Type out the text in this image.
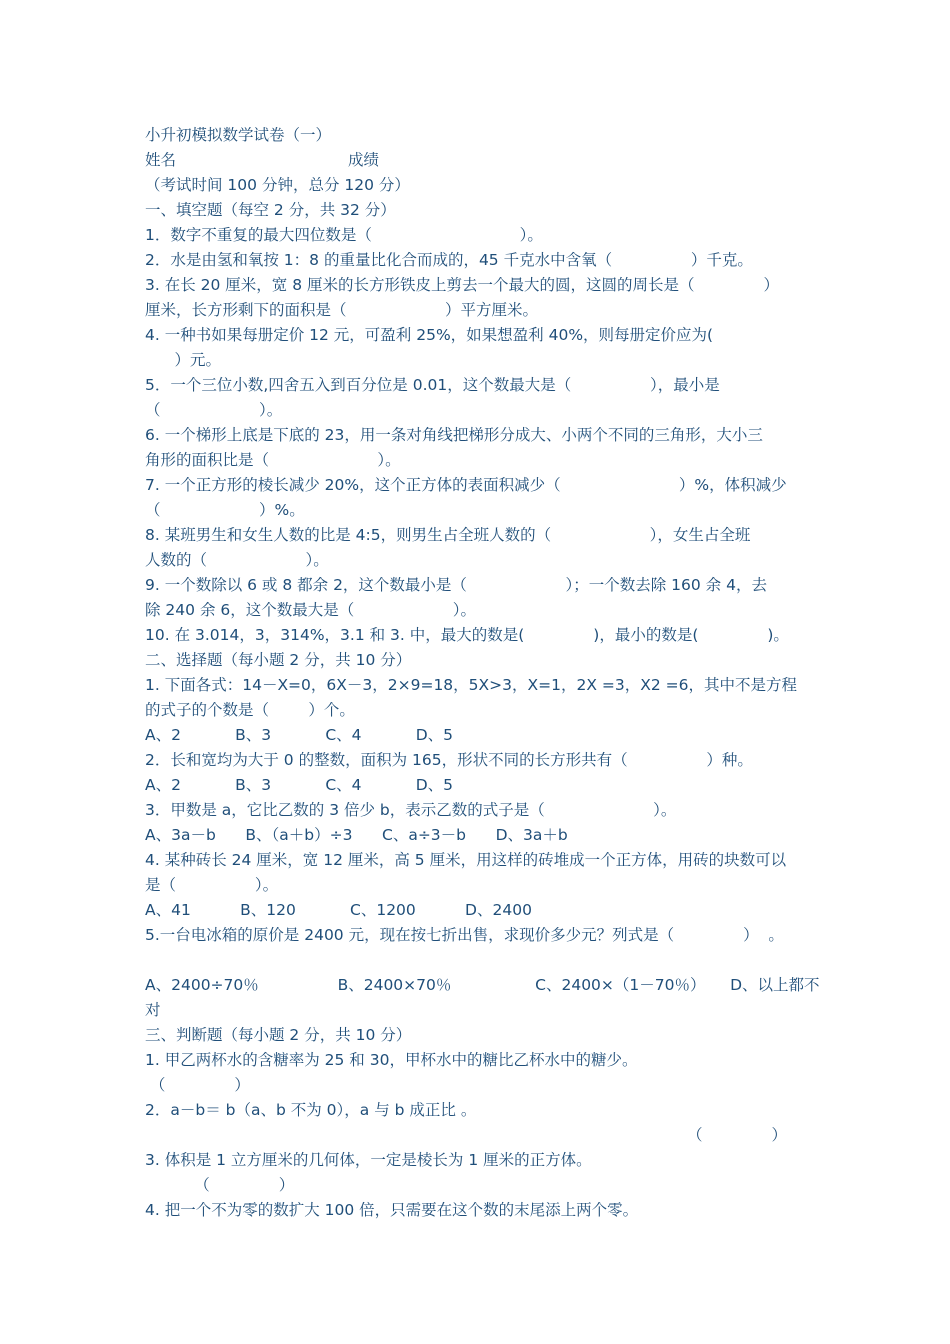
小升初模拟数学试卷（一）
姓名	成绩
（考试时间 100 分钟，总分 120 分）
一、填空题（每空 2 分，共 32 分）
1．数字不重复的最大四位数是（                              ）。
2．水是由氢和氧按 1：8 的重量比化合而成的，45 千克水中含氧（                ）千克。
3. 在长 20 厘米，宽 8 厘米的长方形铁皮上剪去一个最大的圆，这圆的周长是（              ）
厘米，长方形剩下的面积是（                    ）平方厘米。
4. 一种书如果每册定价 12 元，可盈利 25%，如果想盈利 40%，则每册定价应为(
）元。
5．一个三位小数,四舍五入到百分位是 0.01，这个数最大是（                ），最小是
（                    ）。
6. 一个梯形上底是下底的 23，用一条对角线把梯形分成大、小两个不同的三角形，大小三
角形的面积比是（                      ）。
7. 一个正方形的棱长减少 20%，这个正方体的表面积减少（                        ）%，体积减少
（                    ）%。
8. 某班男生和女生人数的比是 4:5，则男生占全班人数的（                    ），女生占全班
人数的（                    ）。
9. 一个数除以 6 或 8 都余 2，这个数最小是（                    ）；一个数去除 160 余 4，去
除 240 余 6，这个数最大是（                    ）。
10. 在 3.014，3，314%，3.1 和 3. 中，最大的数是(              )，最小的数是(              )。
二、选择题（每小题 2 分，共 10 分）
1. 下面各式：14－X=0，6X－3，2×9=18，5X>3，X=1，2X =3，X2 =6，其中不是方程
的式子的个数是（        ）个。
A、2           B、3           C、4           D、5
2．长和宽均为大于 0 的整数，面积为 165，形状不同的长方形共有（                ）种。
A、2           B、3           C、4           D、5
3．甲数是 a，它比乙数的 3 倍少 b，表示乙数的式子是（                      ）。
A、3a－b      B、（a＋b）÷3      C、a÷3－b      D、3a＋b
4. 某种砖长 24 厘米，宽 12 厘米，高 5 厘米，用这样的砖堆成一个正方体，用砖的块数可以
是（                ）。
A、41          B、120           C、1200          D、2400
5.一台电冰箱的原价是 2400 元，现在按七折出售，求现价多少元？列式是（              ）  。
A、2400÷70％                B、2400×70％                 C、2400×（1－70％）     D、以上都不
对
三、判断题（每小题 2 分，共 10 分）
1. 甲乙两杯水的含糖率为 25 和 30，甲杯水中的糖比乙杯水中的糖少。
（              ）
2．a－b＝ b（a、b 不为 0），a 与 b 成正比 。
（              ）
3. 体积是 1 立方厘米的几何体，一定是棱长为 1 厘米的正方体。
（              ）
4. 把一个不为零的数扩大 100 倍，只需要在这个数的末尾添上两个零。
